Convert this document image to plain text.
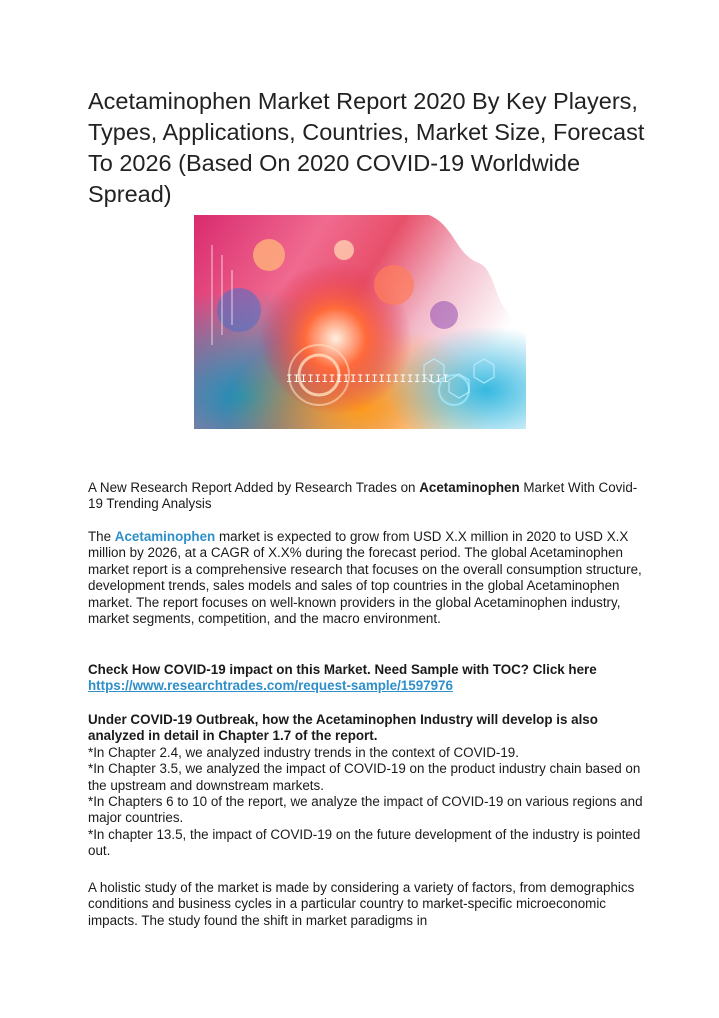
Acetaminophen Market Report 2020 By Key Players, Types, Applications, Countries, Market Size, Forecast To 2026 (Based On 2020 COVID-19 Worldwide Spread)
IIIIIIIIIIIIIIIIIIIIIII

A New Research Report Added by Research Trades on Acetaminophen Market With Covid-19 Trending Analysis

The Acetaminophen market is expected to grow from USD X.X million in 2020 to USD X.X million by 2026, at a CAGR of X.X% during the forecast period. The global Acetaminophen market report is a comprehensive research that focuses on the overall consumption structure, development trends, sales models and sales of top countries in the global Acetaminophen market. The report focuses on well-known providers in the global Acetaminophen industry, market segments, competition, and the macro environment.

Check How COVID-19 impact on this Market. Need Sample with TOC? Click here https://www.researchtrades.com/request-sample/1597976

Under COVID-19 Outbreak, how the Acetaminophen Industry will develop is also analyzed in detail in Chapter 1.7 of the report.
*In Chapter 2.4, we analyzed industry trends in the context of COVID-19.
*In Chapter 3.5, we analyzed the impact of COVID-19 on the product industry chain based on the upstream and downstream markets.
*In Chapters 6 to 10 of the report, we analyze the impact of COVID-19 on various regions and major countries.
*In chapter 13.5, the impact of COVID-19 on the future development of the industry is pointed out.

A holistic study of the market is made by considering a variety of factors, from demographics conditions and business cycles in a particular country to market-specific microeconomic impacts. The study found the shift in market paradigms in
